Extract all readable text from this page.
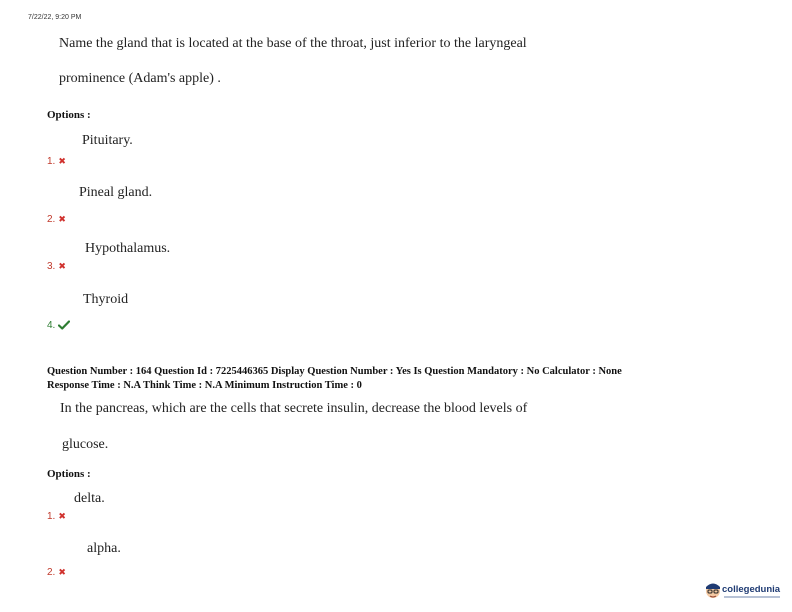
7/22/22, 9:20 PM
Name the gland that is located at the base of the throat, just inferior to the laryngeal
prominence (Adam's apple) .
Options :
Pituitary.
1. ✖
Pineal gland.
2. ✖
Hypothalamus.
3. ✖
Thyroid
4.
Question Number : 164 Question Id : 7225446365 Display Question Number : Yes Is Question Mandatory : No Calculator : None
Response Time : N.A Think Time : N.A Minimum Instruction Time : 0
In the pancreas, which are the cells that secrete insulin, decrease the blood levels of
glucose.
Options :
delta.
1. ✖
alpha.
2. ✖
collegedunia
